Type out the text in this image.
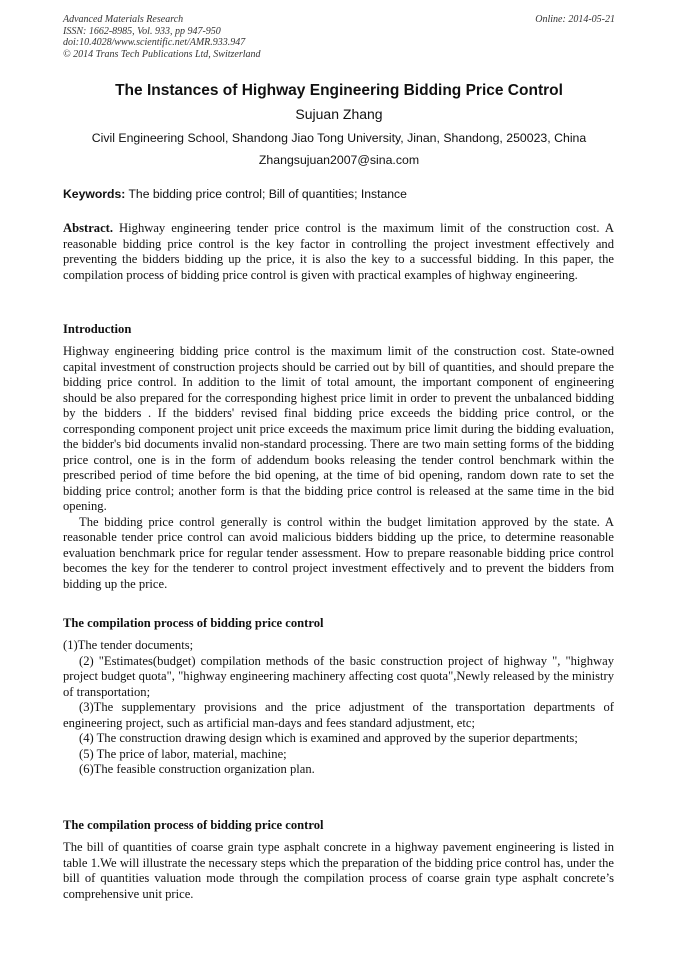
Advanced Materials Research
ISSN: 1662-8985, Vol. 933, pp 947-950
doi:10.4028/www.scientific.net/AMR.933.947
© 2014 Trans Tech Publications Ltd, Switzerland
Online: 2014-05-21
The Instances of Highway Engineering Bidding Price Control
Sujuan Zhang
Civil Engineering School, Shandong Jiao Tong University, Jinan, Shandong, 250023, China
Zhangsujuan2007@sina.com
Keywords: The bidding price control; Bill of quantities; Instance

Abstract. Highway engineering tender price control is the maximum limit of the construction cost. A reasonable bidding price control is the key factor in controlling the project investment effectively and preventing the bidders bidding up the price, it is also the key to a successful bidding. In this paper, the compilation process of bidding price control is given with practical examples of highway engineering.

Introduction

Highway engineering bidding price control is the maximum limit of the construction cost. State-owned capital investment of construction projects should be carried out by bill of quantities, and should prepare the bidding price control. In addition to the limit of total amount, the important component of engineering should be also prepared for the corresponding highest price limit in order to prevent the unbalanced bidding by the bidders . If the bidders' revised final bidding price exceeds the bidding price control, or the corresponding component project unit price exceeds the maximum price limit during the bidding evaluation, the bidder's bid documents invalid non-standard processing. There are two main setting forms of the bidding price control, one is in the form of addendum books releasing the tender control benchmark within the prescribed period of time before the bid opening, at the time of bid opening, random down rate to set the bidding price control; another form is that the bidding price control is released at the same time in the bid opening.

The bidding price control generally is control within the budget limitation approved by the state. A reasonable tender price control can avoid malicious bidders bidding up the price, to determine reasonable evaluation benchmark price for regular tender assessment. How to prepare reasonable bidding price control becomes the key for the tenderer to control project investment effectively and to prevent the bidders from bidding up the price.

The compilation process of bidding price control

(1)The tender documents;

(2) "Estimates(budget) compilation methods of the basic construction project of highway ", "highway project budget quota", "highway engineering machinery affecting cost quota",Newly released by the ministry of transportation;

(3)The supplementary provisions and the price adjustment of the transportation departments of engineering project, such as artificial man-days and fees standard adjustment, etc;

(4) The construction drawing design which is examined and approved by the superior departments;

(5) The price of labor, material, machine;

(6)The feasible construction organization plan.

The compilation process of bidding price control

The bill of quantities of coarse grain type asphalt concrete in a highway pavement engineering is listed in table 1.We will illustrate the necessary steps which the preparation of the bidding price control has, under the bill of quantities valuation mode through the compilation process of coarse grain type asphalt concrete’s comprehensive unit price.
